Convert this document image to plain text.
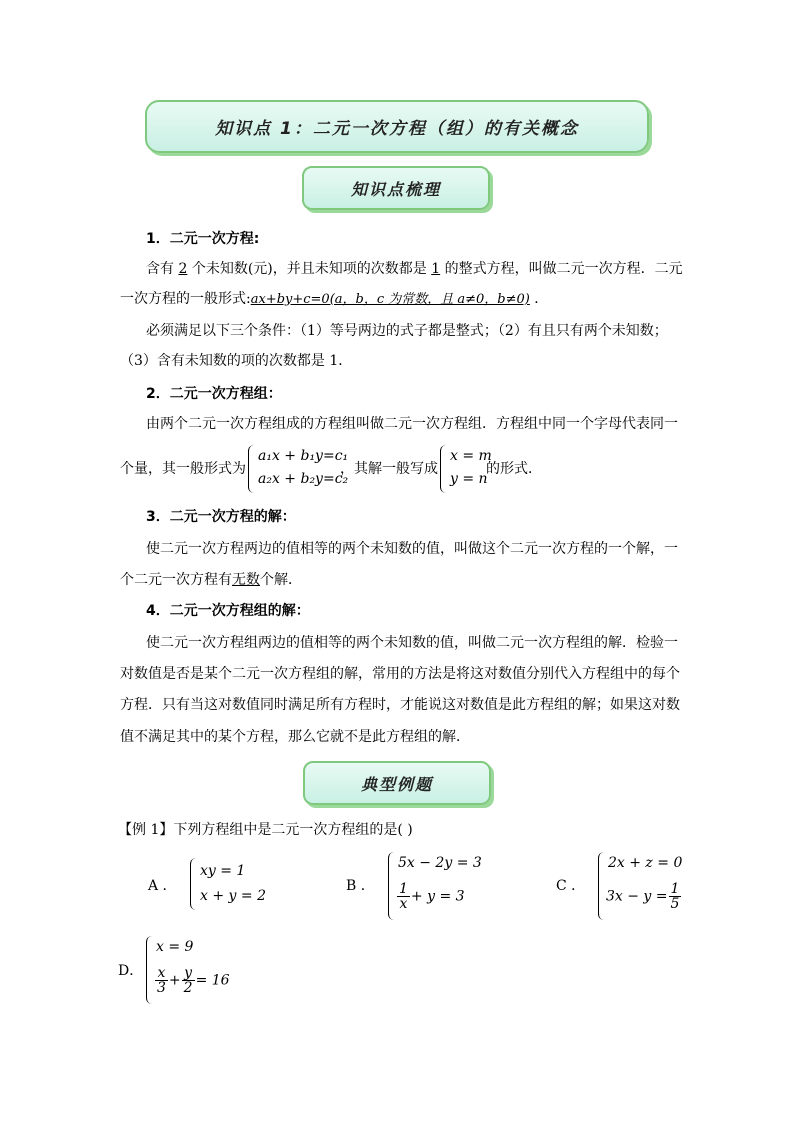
知识点 1：二元一次方程（组）的有关概念
知识点梳理
1．二元一次方程:
含有 2 个未知数(元)，并且未知项的次数都是 1 的整式方程，叫做二元一次方程．二元
一次方程的一般形式:ax+by+c=0(a，b，c 为常数，且 a≠0，b≠0) ．
必须满足以下三个条件：（1）等号两边的式子都是整式；（2）有且只有两个未知数；
（3）含有未知数的项的次数都是 1．
2．二元一次方程组：
由两个二元一次方程组成的方程组叫做二元一次方程组．方程组中同一个字母代表同一
个量，其一般形式为
a₁x + b₁y=c₁
a₂x + b₂y=c₂
，其解一般写成
x = m
y = n
的形式．
3．二元一次方程的解：
使二元一次方程两边的值相等的两个未知数的值，叫做这个二元一次方程的一个解，一
个二元一次方程有无数个解．
4．二元一次方程组的解：
使二元一次方程组两边的值相等的两个未知数的值，叫做二元一次方程组的解．检验一
对数值是否是某个二元一次方程组的解，常用的方法是将这对数值分别代入方程组中的每个
方程．只有当这对数值同时满足所有方程时，才能说这对数值是此方程组的解；如果这对数
值不满足其中的某个方程，那么它就不是此方程组的解．
典型例题
【例 1】下列方程组中是二元一次方程组的是( )
A ．
xy = 1
x + y = 2
B ．
5x − 2y = 3
$\frac{1}{x} + y = 3$
C ．
2x + z = 0
$3x - y = \frac{1}{5}$
D．
x = 9
$\frac{x}{3} + \frac{y}{2} = 16$
